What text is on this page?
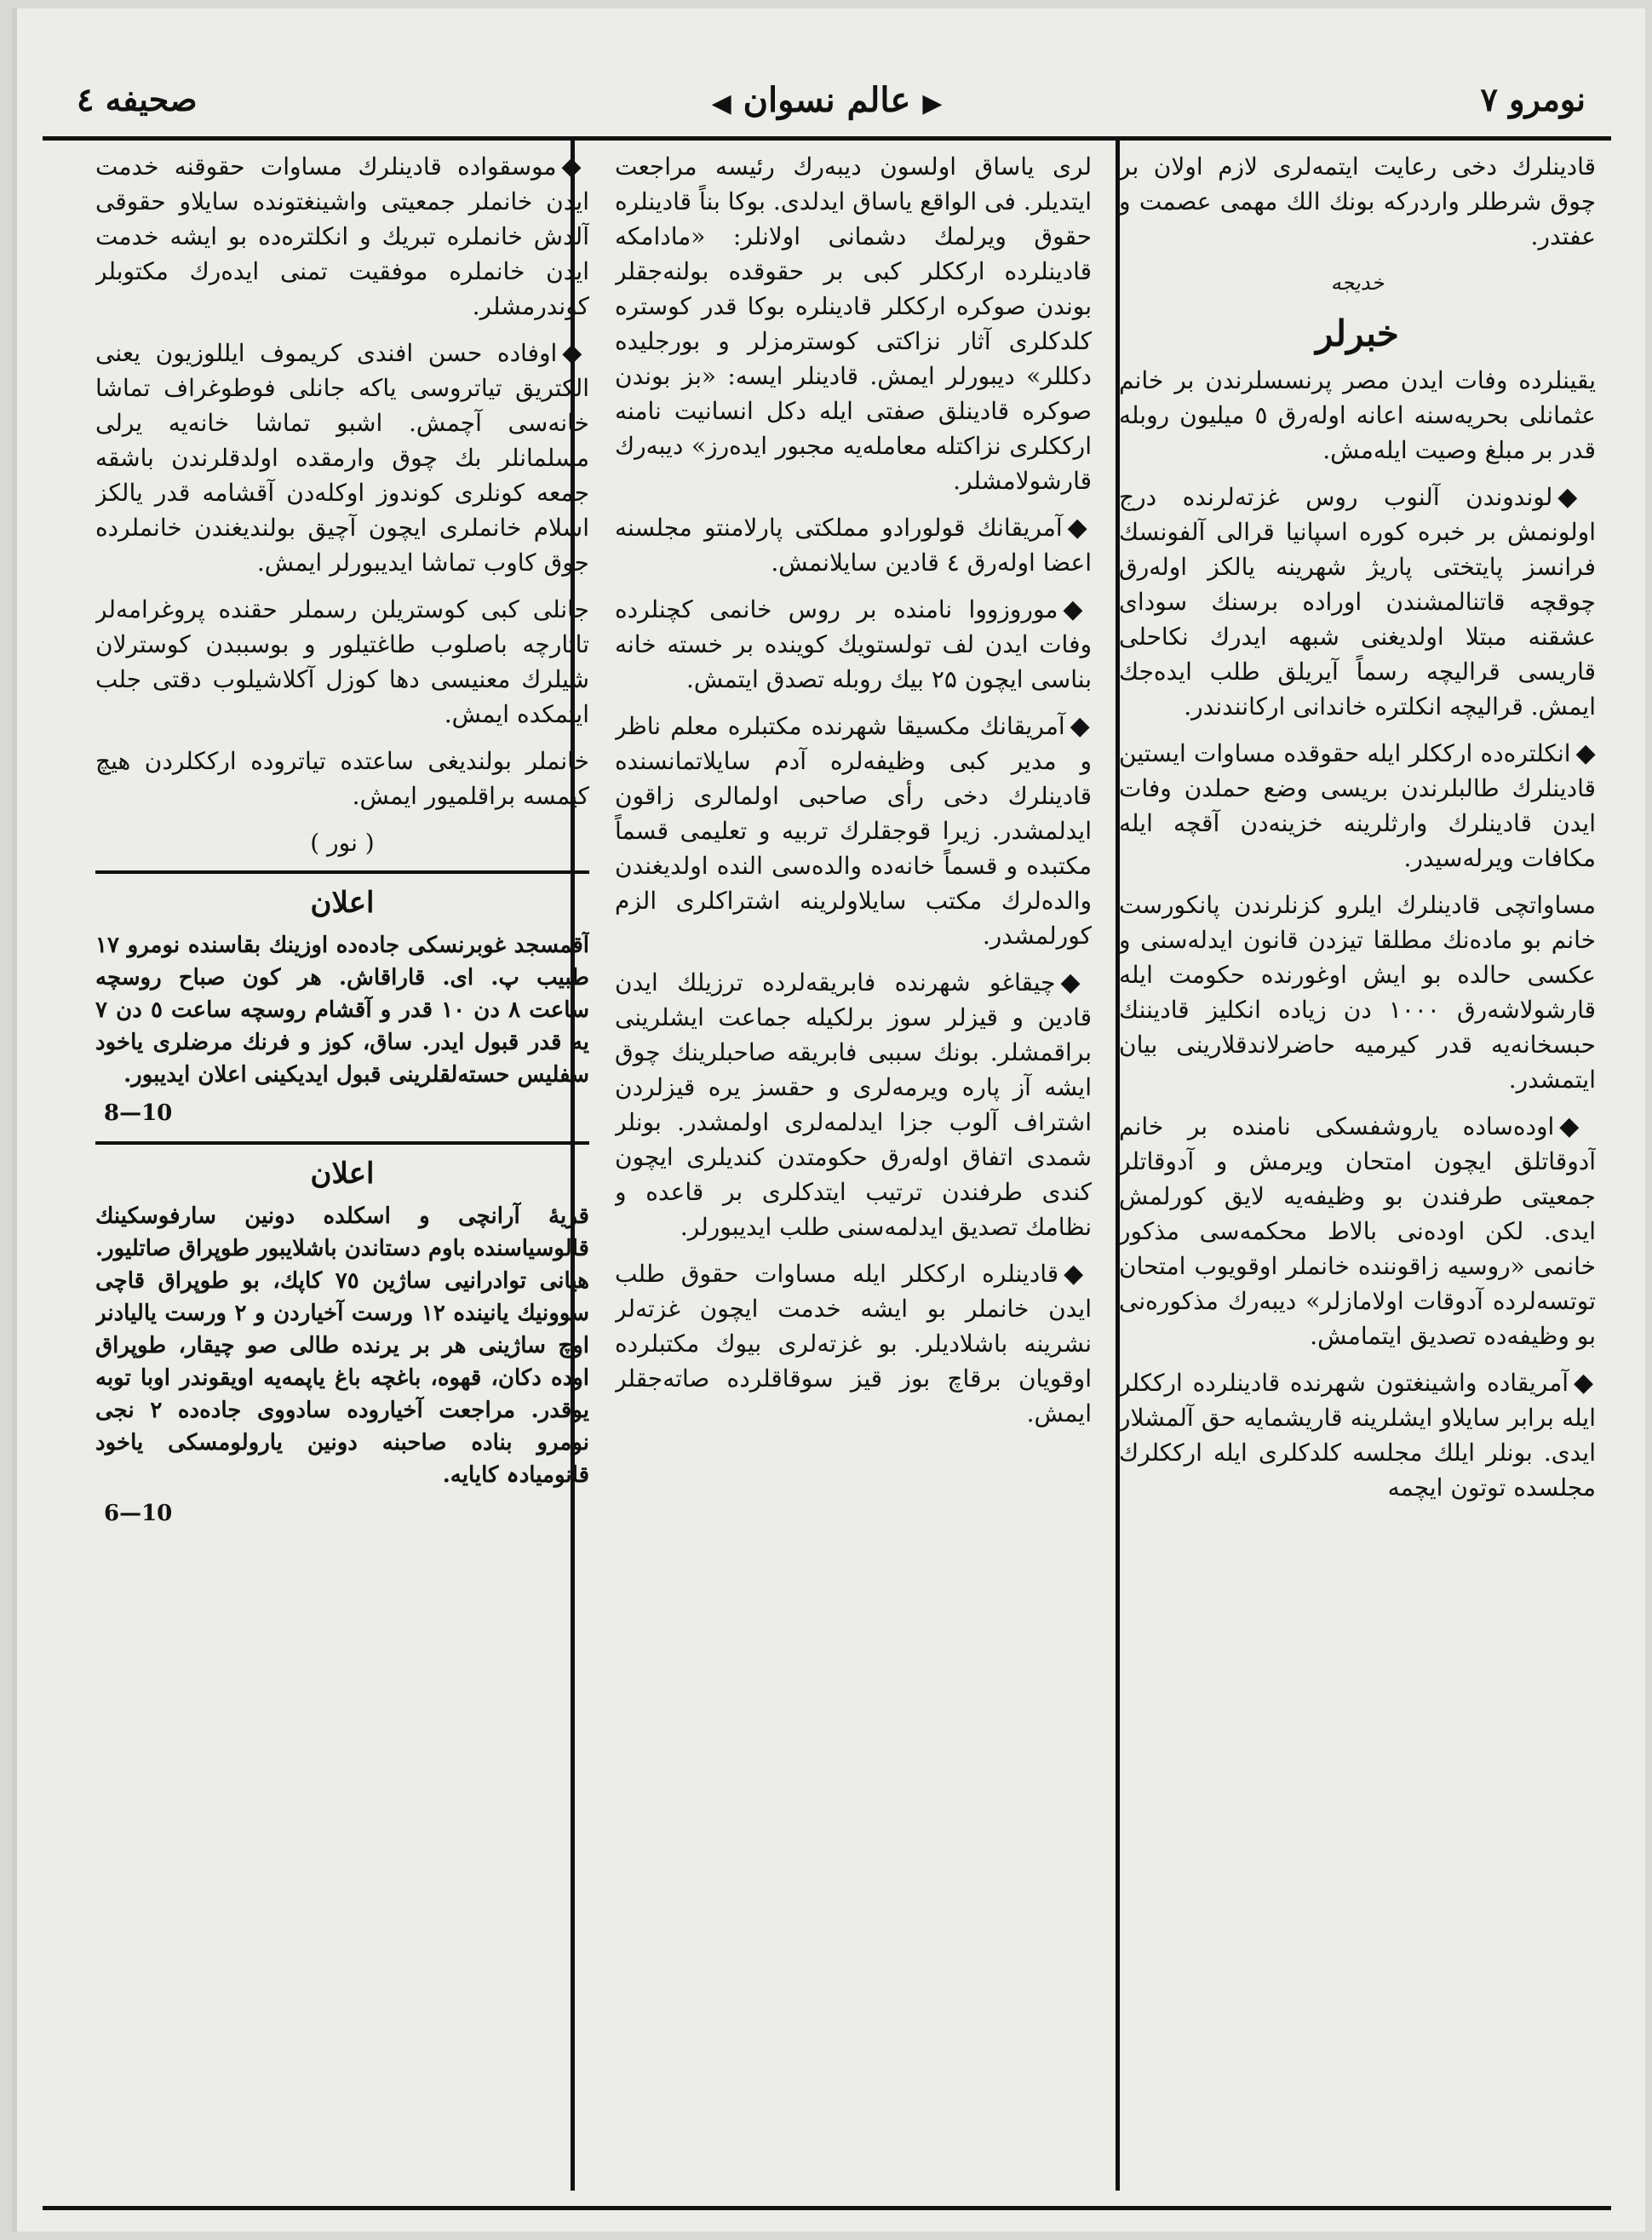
نومرو ۷
◀ عالم نسوان ▶
صحیفه ٤

قادینلرك دخی رعایت ایتمەلری لازم اولان بر چوق شرطلر واردرکه بونك الك مهمی عصمت و عفتدر.

خدیجه
خبرلر

یقینلرده وفات ایدن مصر پرنسسلرندن بر خانم عثمانلی بحریەسنه اعانه اولەرق ٥ میلیون روبله قدر بر مبلغ وصیت ایلەمش.

◆لوندوندن آلنوب روس غزتەلرنده درج اولونمش بر خبره کوره اسپانیا قرالی آلفونسك فرانسز پایتختی پاریژ شهرینه یالکز اولەرق چوقچه قاتنالمشندن اوراده برسنك سودای عشقنه مبتلا اولدیغنی شبهه ایدرك نکاحلی قاریسی قرالیچه رسماً آیریلق طلب ایدەجك ایمش. قرالیچه انکلترە خاندانی ارکانندندر.

◆انکلترەده ارککلر ایله حقوقده مساوات ایستین قادینلرك طالبلرندن بریسی وضع حملدن وفات ایدن قادینلرك وارثلرینه خزینەدن آقچه ایله مکافات ویرلەسیدر.

مساواتچی قادینلرك ایلرو کزنلرندن پانکورست خانم بو مادەنك مطلقا تیزدن قانون ایدلەسنی و عکسی حالده بو ایش اوغورنده حکومت ایله قارشولاشەرق ۱۰۰۰ دن زیاده انکلیز قادیننك حبسخانەیه قدر کیرمیه حاضرلاندقلارینی بیان ایتمشدر.

◆اودەساده یاروشفسکی نامنده بر خانم آدوقاتلق ایچون امتحان ویرمش و آدوقاتلر جمعیتی طرفندن بو وظیفەیه لایق کورلمش ایدی. لکن اودەنی بالاط محکمەسی مذکور خانمی «روسیه زاقوننده خانملر اوقویوب امتحان توتسەلرده آدوقات اولامازلر» دیبەرك مذکورەنی بو وظیفەده تصدیق ایتمامش.

◆آمریقاده واشینغتون شهرنده قادینلرده ارککلر ایله برابر سایلاو ایشلرینه قاریشمایه حق آلمشلار ایدی. بونلر ایلك مجلسه کلدکلری ایله ارککلرك مجلسده توتون ایچمه

لری یاساق اولسون دیبەرك رئیسه مراجعت ایتدیلر. فی الواقع یاساق ایدلدی. بوکا بناً قادینلره حقوق ویرلمك دشمانی اولانلر: «مادامکه قادینلرده ارککلر کبی بر حقوقده بولنەجقلر بوندن صوکره ارککلر قادینلره بوکا قدر کوستره کلدکلری آثار نزاکتی کوسترمزلر و بورجلیده دکللر» دیبورلر ایمش. قادینلر ایسه: «بز بوندن صوکره قادینلق صفتی ایله دکل انسانیت نامنه ارککلری نزاکتله معاملەیه مجبور ایدەرز» دیبەرك قارشولامشلر.

◆آمریقانك قولورادو مملکتی پارلامنتو مجلسنه اعضا اولەرق ٤ قادین سایلانمش.

◆موروزووا نامنده بر روس خانمی کچنلرده وفات ایدن لف تولستویك کوینده بر خسته خانه بناسی ایچون ۲۵ بیك روبله تصدق ایتمش.

◆آمریقانك مکسیقا شهرنده مکتبلره معلم ناظر و مدیر کبی وظیفەلره آدم سایلاتمانسنده قادینلرك دخی رأی صاحبی اولمالری زاقون ایدلمشدر. زیرا قوجقلرك تربیه و تعلیمی قسماً مکتبده و قسماً خانەده والدەسی النده اولدیغندن والدەلرك مکتب سایلاولرینه اشتراکلری الزم کورلمشدر.

◆چیقاغو شهرنده فابریقەلرده ترزیلك ایدن قادین و قیزلر سوز برلکیله جماعت ایشلرینی براقمشلر. بونك سببی فابریقه صاحبلرینك چوق ایشه آز پاره ویرمەلری و حقسز یره قیزلردن اشتراف آلوب جزا ایدلمەلری اولمشدر. بونلر شمدی اتفاق اولەرق حکومتدن کندیلری ایچون کندی طرفندن ترتیب ایتدکلری بر قاعده و نظامك تصدیق ایدلمەسنی طلب ایدیبورلر.

◆قادینلره ارککلر ایله مساوات حقوق طلب ایدن خانملر بو ایشه خدمت ایچون غزتەلر نشرینه باشلادیلر. بو غزتەلری بیوك مکتبلرده اوقویان برقاچ بوز قیز سوقاقلرده صاتەجقلر ایمش.

◆موسقواده قادینلرك مساوات حقوقنه خدمت ایدن خانملر جمعیتی واشینغتونده سایلاو حقوقی آلدش خانملره تبریك و انکلترەده بو ایشه خدمت ایدن خانملره موفقیت تمنی ایدەرك مکتوبلر کوندرمشلر.

◆اوفاده حسن افندی کریموف ایللوزیون یعنی الکتریق تیاتروسی یاکه جانلی فوطوغراف تماشا خانەسی آچمش. اشبو تماشا خانەیه یرلی مسلمانلر بك چوق وارمقده اولدقلرندن باشقه جمعه کونلری کوندوز اوکلەدن آقشامه قدر یالکز اسلام خانملری ایچون آچیق بولندیغندن خانملرده جوق کاوب تماشا ایدیبورلر ایمش.

جانلی کبی کوستریلن رسملر حقنده پروغرامەلر تاتارچه باصلوب طاغتیلور و بوسببدن کوسترلان شیلرك معنیسی دها کوزل آکلاشیلوب دقتی جلب ایتمکده ایمش.

خانملر بولندیغی ساعتده تیاتروده ارککلردن هیچ کیمسه براقلمیور ایمش.

( نور )
اعلان
آقمسجد غوبرنسکی جادەده اوزینك بقاسنده نومرو ۱۷ طبیب پ. ای. قاراقاش. هر کون صباح روسچه ساعت ۸ دن ۱۰ قدر و آقشام روسچه ساعت ٥ دن ۷ یه قدر قبول ایدر. ساق، کوز و فرنك مرضلری یاخود سفلیس حستەلقلرینی قبول ایدیکینی اعلان ایدیبور.
8—10
اعلان
قریهٔ آرانچی و اسکلده دونین سارفوسکینك قالوسیاسنده باوم دستاندن باشلایبور طوپراق صاتلیور. هیانی توادرانیی ساژین ۷٥ کاپك، بو طوپراق قاچی سوونیك یانیندە ۱۲ ورست آخیاردن و ۲ ورست یالیادنر اوچ ساژینی هر بر یرنده طالی صو چیقار، طوپراق اوده دکان، قهوه، باغچه باغ یاپمەیه اویقوندر اوبا توبه یوقدر. مراجعت آخیاروده سادووی جادەده ۲ نجی نومرو بناده صاحبنه دونین یارولومسکی یاخود قانومیادہ کایایه.
6—10
